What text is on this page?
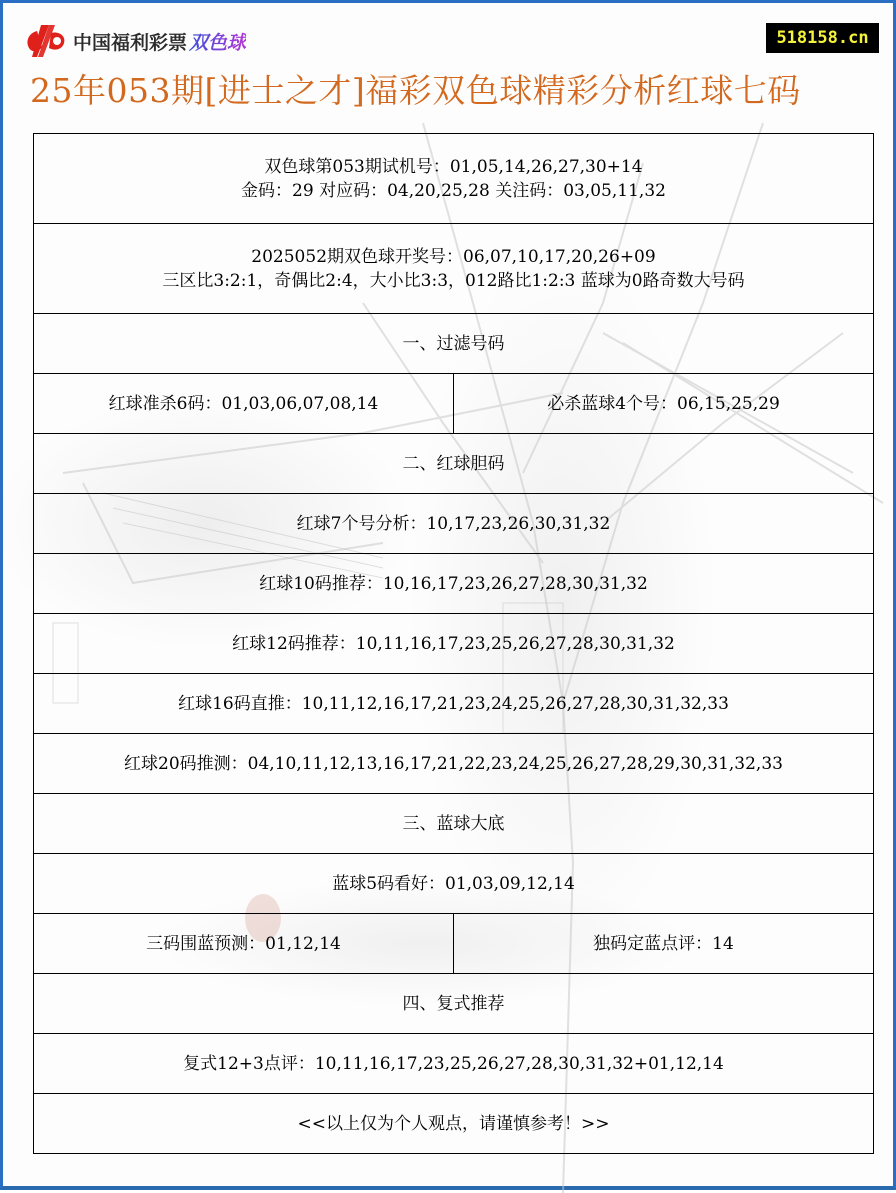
中国福利彩票 双色球	518158.cn
25年053期[进士之才]福彩双色球精彩分析红球七码
双色球第053期试机号：01,05,14,26,27,30+14
金码：29 对应码：04,20,25,28 关注码：03,05,11,32
2025052期双色球开奖号：06,07,10,17,20,26+09
三区比3:2:1，奇偶比2:4，大小比3:3，012路比1:2:3 蓝球为0路奇数大号码
一、过滤号码
红球准杀6码：01,03,06,07,08,14	必杀蓝球4个号：06,15,25,29
二、红球胆码
红球7个号分析：10,17,23,26,30,31,32
红球10码推荐：10,16,17,23,26,27,28,30,31,32
红球12码推荐：10,11,16,17,23,25,26,27,28,30,31,32
红球16码直推：10,11,12,16,17,21,23,24,25,26,27,28,30,31,32,33
红球20码推测：04,10,11,12,13,16,17,21,22,23,24,25,26,27,28,29,30,31,32,33
三、蓝球大底
蓝球5码看好：01,03,09,12,14
三码围蓝预测：01,12,14	独码定蓝点评：14
四、复式推荐
复式12+3点评：10,11,16,17,23,25,26,27,28,30,31,32+01,12,14
<<以上仅为个人观点，请谨慎参考！>>
